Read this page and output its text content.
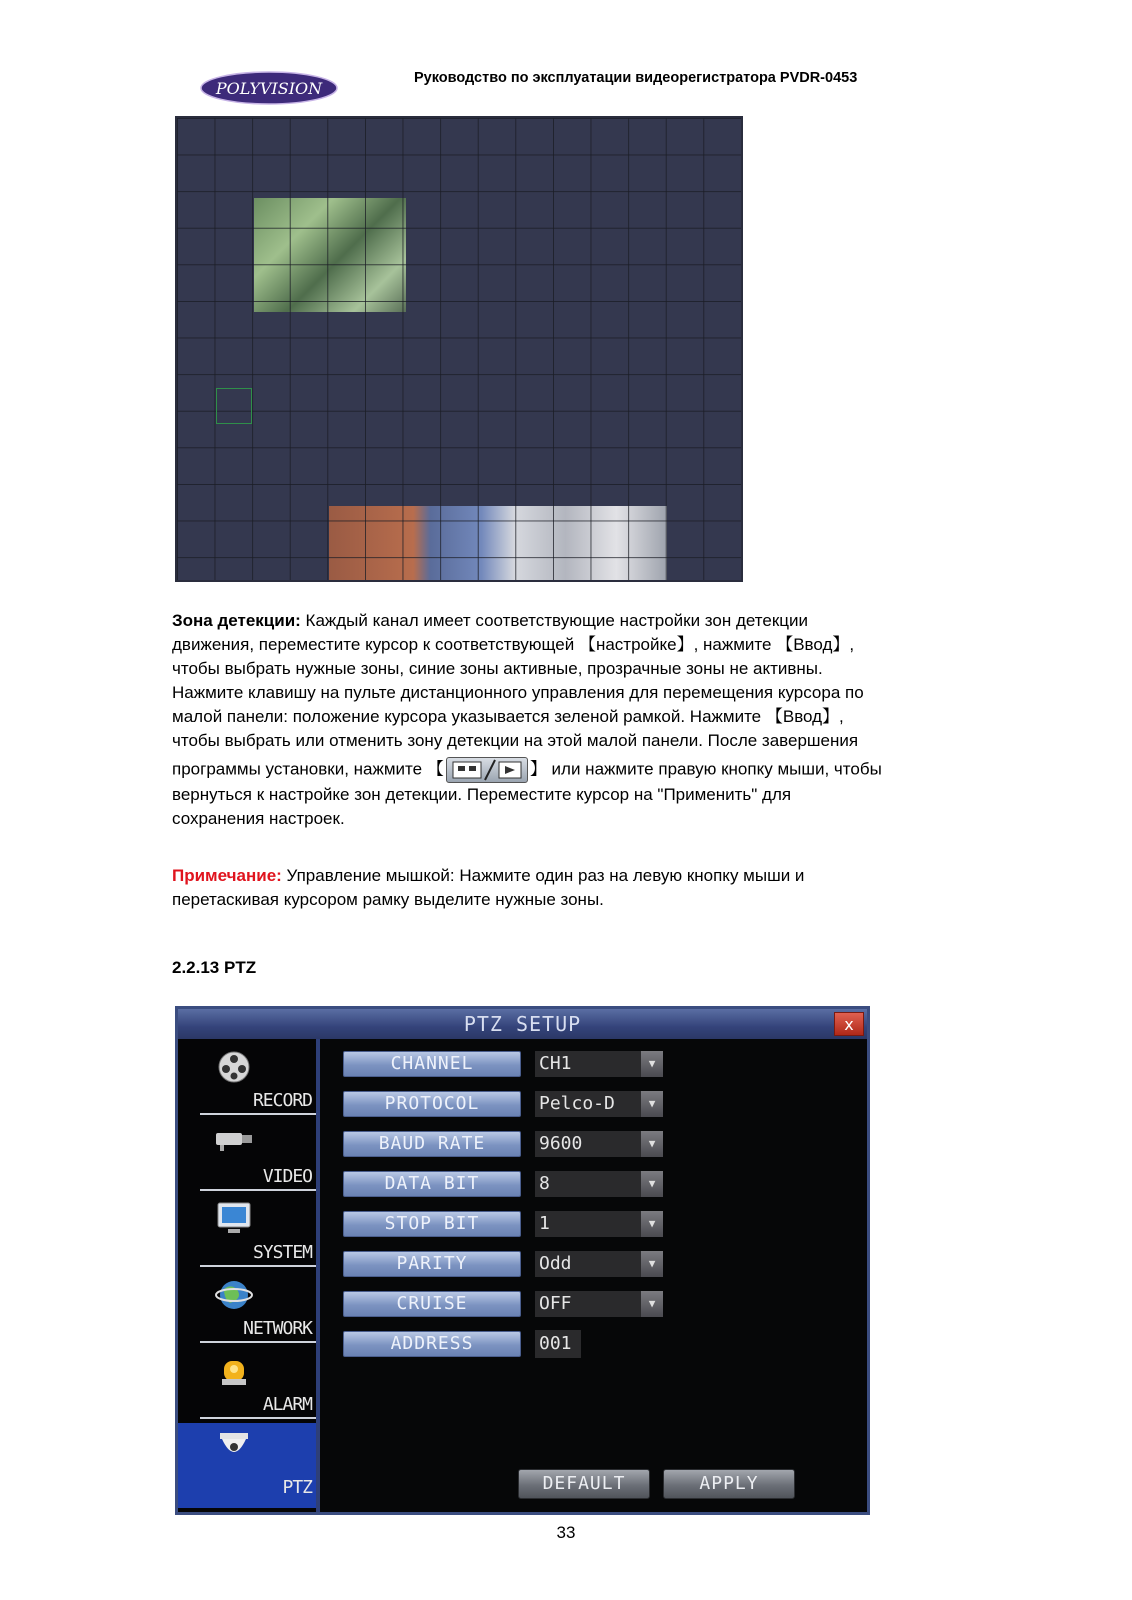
POLYVISION
Руководство по эксплуатации видеорегистратора PVDR-0453
Зона детекции: Каждый канал имеет соответствующие настройки зон детекции
движения, переместите курсор к соответствующей 【настройке】, нажмите 【Ввод】,
чтобы выбрать нужные зоны, синие зоны активные, прозрачные зоны не активны.
Нажмите клавишу на пульте дистанционного управления для перемещения курсора по
малой панели: положение курсора указывается зеленой рамкой. Нажмите 【Ввод】,
чтобы выбрать или отменить зону детекции на этой малой панели. После завершения
программы установки, нажмите 【	】 или нажмите правую кнопку мыши, чтобы
вернуться к настройке зон детекции. Переместите курсор на "Применить" для
сохранения настроек.
Примечание: Управление мышкой: Нажмите один раз на левую кнопку мыши и
перетаскивая курсором рамку выделите нужные зоны.
2.2.13 PTZ
PTZ SETUP	x
RECORD
VIDEO
SYSTEM
NETWORK
ALARM
PTZ
CHANNEL	CH1	▼
PROTOCOL	Pelco-D	▼
BAUD RATE	9600	▼
DATA BIT	8	▼
STOP BIT	1	▼
PARITY	Odd	▼
CRUISE	OFF	▼
ADDRESS	001
DEFAULT	APPLY
33
